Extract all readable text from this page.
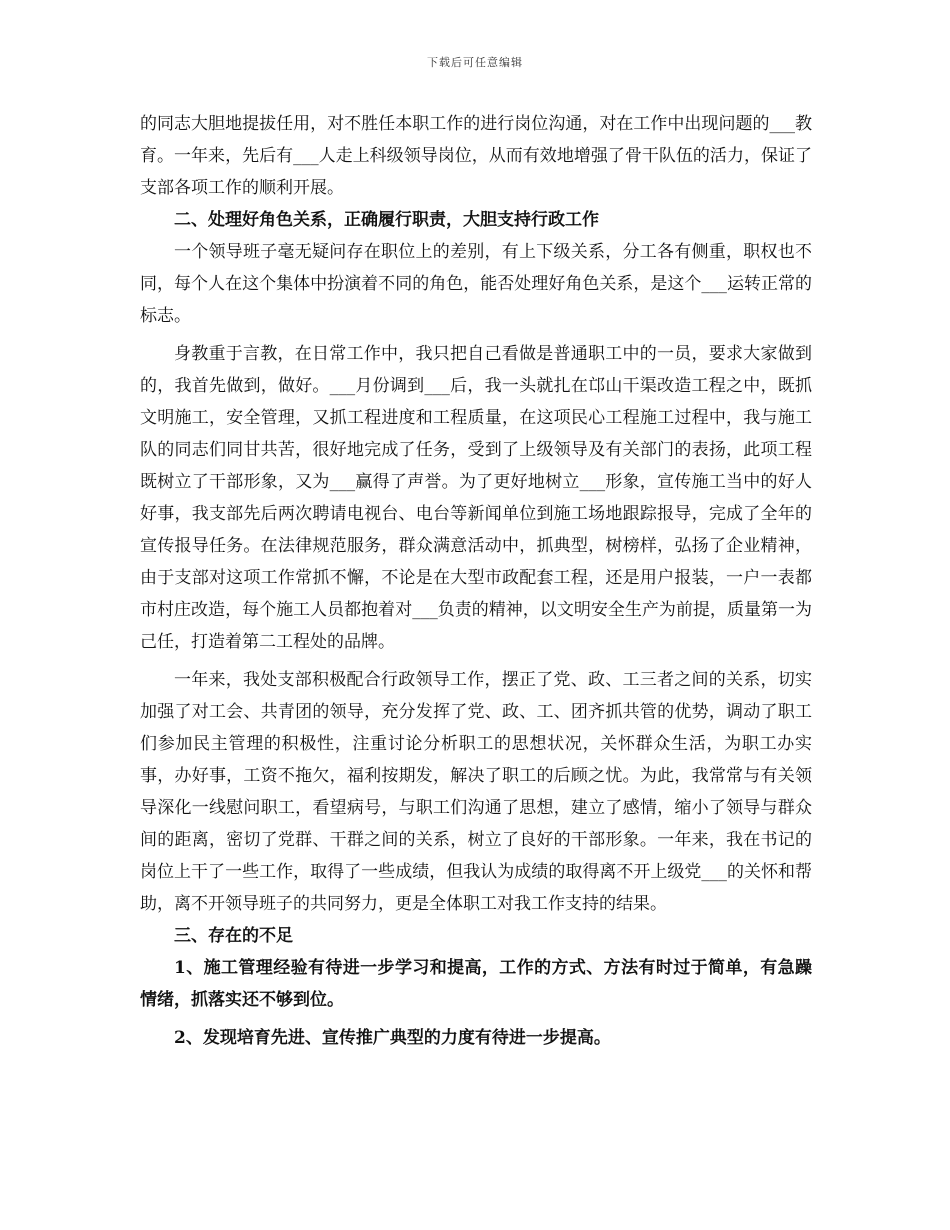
下载后可任意编辑

的同志大胆地提拔任用，对不胜任本职工作的进行岗位沟通，对在工作中出现问题的___教育。一年来，先后有___人走上科级领导岗位，从而有效地增强了骨干队伍的活力，保证了支部各项工作的顺利开展。

二、处理好角色关系，正确履行职责，大胆支持行政工作

一个领导班子毫无疑问存在职位上的差别，有上下级关系，分工各有侧重，职权也不同，每个人在这个集体中扮演着不同的角色，能否处理好角色关系，是这个___运转正常的标志。

身教重于言教，在日常工作中，我只把自己看做是普通职工中的一员，要求大家做到的，我首先做到，做好。___月份调到___后，我一头就扎在邙山干渠改造工程之中，既抓文明施工，安全管理，又抓工程进度和工程质量，在这项民心工程施工过程中，我与施工队的同志们同甘共苦，很好地完成了任务，受到了上级领导及有关部门的表扬，此项工程既树立了干部形象，又为___赢得了声誉。为了更好地树立___形象，宣传施工当中的好人好事，我支部先后两次聘请电视台、电台等新闻单位到施工场地跟踪报导，完成了全年的宣传报导任务。在法律规范服务，群众满意活动中，抓典型，树榜样，弘扬了企业精神，由于支部对这项工作常抓不懈，不论是在大型市政配套工程，还是用户报装，一户一表都市村庄改造，每个施工人员都抱着对___负责的精神，以文明安全生产为前提，质量第一为己任，打造着第二工程处的品牌。

一年来，我处支部积极配合行政领导工作，摆正了党、政、工三者之间的关系，切实加强了对工会、共青团的领导，充分发挥了党、政、工、团齐抓共管的优势，调动了职工们参加民主管理的积极性，注重讨论分析职工的思想状况，关怀群众生活，为职工办实事，办好事，工资不拖欠，福利按期发，解决了职工的后顾之忧。为此，我常常与有关领导深化一线慰问职工，看望病号，与职工们沟通了思想，建立了感情，缩小了领导与群众间的距离，密切了党群、干群之间的关系，树立了良好的干部形象。一年来，我在书记的岗位上干了一些工作，取得了一些成绩，但我认为成绩的取得离不开上级党___的关怀和帮助，离不开领导班子的共同努力，更是全体职工对我工作支持的结果。

三、存在的不足

1、施工管理经验有待进一步学习和提高，工作的方式、方法有时过于简单，有急躁情绪，抓落实还不够到位。

2、发现培育先进、宣传推广典型的力度有待进一步提高。
